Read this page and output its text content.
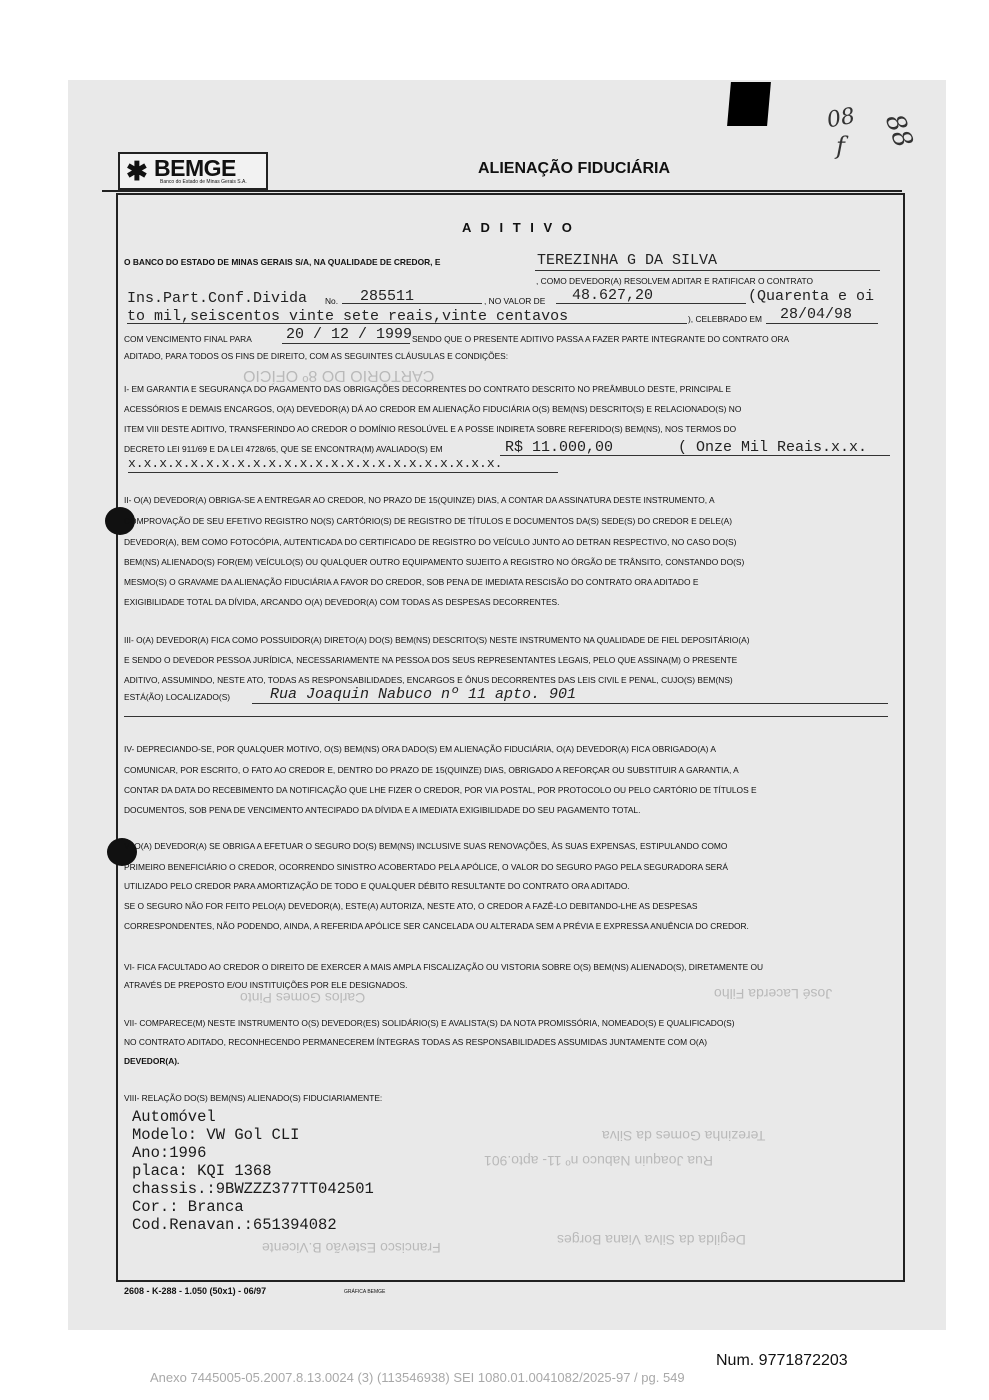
08
f 88
✱ BEMGE
Banco do Estado de Minas Gerais S.A.
ALIENAÇÃO FIDUCIÁRIA
A D I T I V O
CARTÓRIO DO 8º OFÍCIO
Terezinha Gomes da Silva
Rua Joaquin Nabuco nº 11- apto.901
Francisco Estevão B.Vicente	Degilda da Silva Viana Borges
Carlos Gomes Pinto	José Lacerda Filho
O BANCO DO ESTADO DE MINAS GERAIS S/A, NA QUALIDADE DE CREDOR, E	TEREZINHA G DA SILVA
, COMO DEVEDOR(A) RESOLVEM ADITAR E RATIFICAR O CONTRATO
Ins.Part.Conf.Divida No. 285511	, NO VALOR DE 48.627,20	(Quarenta e oi
to mil,seiscentos vinte sete reais,vinte centavos	), CELEBRADO EM 28/04/98
COM VENCIMENTO FINAL PARA 20 / 12 / 1999 SENDO QUE O PRESENTE ADITIVO PASSA A FAZER PARTE INTEGRANTE DO CONTRATO ORA
ADITADO, PARA TODOS OS FINS DE DIREITO, COM AS SEGUINTES CLÁUSULAS E CONDIÇÕES:
I- EM GARANTIA E SEGURANÇA DO PAGAMENTO DAS OBRIGAÇÕES DECORRENTES DO CONTRATO DESCRITO NO PREÂMBULO DESTE, PRINCIPAL E
ACESSÓRIOS E DEMAIS ENCARGOS, O(A) DEVEDOR(A) DÁ AO CREDOR EM ALIENAÇÃO FIDUCIÁRIA O(S) BEM(NS) DESCRITO(S) E RELACIONADO(S) NO
ITEM VIII DESTE ADITIVO, TRANSFERINDO AO CREDOR O DOMÍNIO RESOLÚVEL E A POSSE INDIRETA SOBRE REFERIDO(S) BEM(NS), NOS TERMOS DO
DECRETO LEI 911/69 E DA LEI 4728/65, QUE SE ENCONTRA(M) AVALIADO(S) EM	R$ 11.000,00	( Onze Mil Reais.x.x.
x.x.x.x.x.x.x.x.x.x.x.x.x.x.x.x.x.x.x.x.x.x.x.x.
II- O(A) DEVEDOR(A) OBRIGA-SE A ENTREGAR AO CREDOR, NO PRAZO DE 15(QUINZE) DIAS, A CONTAR DA ASSINATURA DESTE INSTRUMENTO, A
COMPROVAÇÃO DE SEU EFETIVO REGISTRO NO(S) CARTÓRIO(S) DE REGISTRO DE TÍTULOS E DOCUMENTOS DA(S) SEDE(S) DO CREDOR E DELE(A)
DEVEDOR(A), BEM COMO FOTOCÓPIA, AUTENTICADA DO CERTIFICADO DE REGISTRO DO VEÍCULO JUNTO AO DETRAN RESPECTIVO, NO CASO DO(S)
BEM(NS) ALIENADO(S) FOR(EM) VEÍCULO(S) OU QUALQUER OUTRO EQUIPAMENTO SUJEITO A REGISTRO NO ÓRGÃO DE TRÂNSITO, CONSTANDO DO(S)
MESMO(S) O GRAVAME DA ALIENAÇÃO FIDUCIÁRIA A FAVOR DO CREDOR, SOB PENA DE IMEDIATA RESCISÃO DO CONTRATO ORA ADITADO E
EXIGIBILIDADE TOTAL DA DÍVIDA, ARCANDO O(A) DEVEDOR(A) COM TODAS AS DESPESAS DECORRENTES.
III- O(A) DEVEDOR(A) FICA COMO POSSUIDOR(A) DIRETO(A) DO(S) BEM(NS) DESCRITO(S) NESTE INSTRUMENTO NA QUALIDADE DE FIEL DEPOSITÁRIO(A)
E SENDO O DEVEDOR PESSOA JURÍDICA, NECESSARIAMENTE NA PESSOA DOS SEUS REPRESENTANTES LEGAIS, PELO QUE ASSINA(M) O PRESENTE
ADITIVO, ASSUMINDO, NESTE ATO, TODAS AS RESPONSABILIDADES, ENCARGOS E ÔNUS DECORRENTES DAS LEIS CIVIL E PENAL, CUJO(S) BEM(NS)
ESTÁ(ÃO) LOCALIZADO(S)	Rua Joaquin Nabuco nº 11 apto. 901
IV- DEPRECIANDO-SE, POR QUALQUER MOTIVO, O(S) BEM(NS) ORA DADO(S) EM ALIENAÇÃO FIDUCIÁRIA, O(A) DEVEDOR(A) FICA OBRIGADO(A) A
COMUNICAR, POR ESCRITO, O FATO AO CREDOR E, DENTRO DO PRAZO DE 15(QUINZE) DIAS, OBRIGADO A REFORÇAR OU SUBSTITUIR A GARANTIA, A
CONTAR DA DATA DO RECEBIMENTO DA NOTIFICAÇÃO QUE LHE FIZER O CREDOR, POR VIA POSTAL, POR PROTOCOLO OU PELO CARTÓRIO DE TÍTULOS E
DOCUMENTOS, SOB PENA DE VENCIMENTO ANTECIPADO DA DÍVIDA E A IMEDIATA EXIGIBILIDADE DO SEU PAGAMENTO TOTAL.
V- O(A) DEVEDOR(A) SE OBRIGA A EFETUAR O SEGURO DO(S) BEM(NS) INCLUSIVE SUAS RENOVAÇÕES, ÀS SUAS EXPENSAS, ESTIPULANDO COMO
PRIMEIRO BENEFICIÁRIO O CREDOR, OCORRENDO SINISTRO ACOBERTADO PELA APÓLICE, O VALOR DO SEGURO PAGO PELA SEGURADORA SERÁ
UTILIZADO PELO CREDOR PARA AMORTIZAÇÃO DE TODO E QUALQUER DÉBITO RESULTANTE DO CONTRATO ORA ADITADO.
SE O SEGURO NÃO FOR FEITO PELO(A) DEVEDOR(A), ESTE(A) AUTORIZA, NESTE ATO, O CREDOR A FAZÊ-LO DEBITANDO-LHE AS DESPESAS
CORRESPONDENTES, NÃO PODENDO, AINDA, A REFERIDA APÓLICE SER CANCELADA OU ALTERADA SEM A PRÉVIA E EXPRESSA ANUÊNCIA DO CREDOR.
VI- FICA FACULTADO AO CREDOR O DIREITO DE EXERCER A MAIS AMPLA FISCALIZAÇÃO OU VISTORIA SOBRE O(S) BEM(NS) ALIENADO(S), DIRETAMENTE OU
ATRAVÉS DE PREPOSTO E/OU INSTITUIÇÕES POR ELE DESIGNADOS.
VII- COMPARECE(M) NESTE INSTRUMENTO O(S) DEVEDOR(ES) SOLIDÁRIO(S) E AVALISTA(S) DA NOTA PROMISSÓRIA, NOMEADO(S) E QUALIFICADO(S)
NO CONTRATO ADITADO, RECONHECENDO PERMANECEREM ÍNTEGRAS TODAS AS RESPONSABILIDADES ASSUMIDAS JUNTAMENTE COM O(A)
DEVEDOR(A).
VIII- RELAÇÃO DO(S) BEM(NS) ALIENADO(S) FIDUCIARIAMENTE:
Automóvel
Modelo: VW Gol CLI
Ano:1996
placa: KQI 1368
chassis.:9BWZZZ377TT042501
Cor.: Branca
Cod.Renavan.:651394082
2608 - K-288 - 1.050 (50x1) - 06/97	GRÁFICA BEMGE
Num. 9771872203
Anexo 7445005-05.2007.8.13.0024 (3) (113546938) SEI 1080.01.0041082/2025-97 / pg. 549
